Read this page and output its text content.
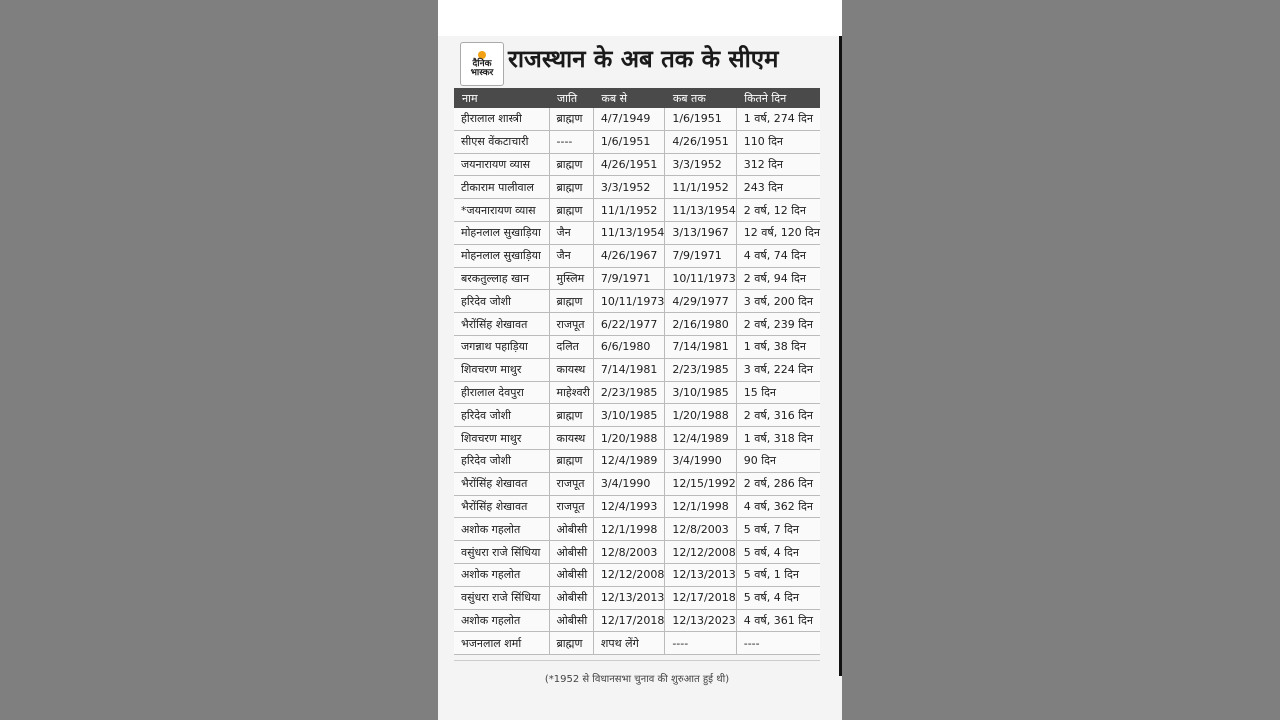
दैनिक
भास्कर राजस्थान के अब तक के सीएम
नाम	जाति	कब से	कब तक	कितने दिन
हीरालाल शास्त्री	ब्राह्मण	4/7/1949	1/6/1951	1 वर्ष, 274 दिन
सीएस वेंकटाचारी	----	1/6/1951	4/26/1951	110 दिन
जयनारायण व्यास	ब्राह्मण	4/26/1951	3/3/1952	312 दिन
टीकाराम पालीवाल	ब्राह्मण	3/3/1952	11/1/1952	243 दिन
*जयनारायण व्यास	ब्राह्मण	11/1/1952	11/13/1954	2 वर्ष, 12 दिन
मोहनलाल सुखाड़िया	जैन	11/13/1954	3/13/1967	12 वर्ष, 120 दिन
मोहनलाल सुखाड़िया	जैन	4/26/1967	7/9/1971	4 वर्ष, 74 दिन
बरकतुल्लाह खान	मुस्लिम	7/9/1971	10/11/1973	2 वर्ष, 94 दिन
हरिदेव जोशी	ब्राह्मण	10/11/1973	4/29/1977	3 वर्ष, 200 दिन
भैरोंसिंह शेखावत	राजपूत	6/22/1977	2/16/1980	2 वर्ष, 239 दिन
जगन्नाथ पहाड़िया	दलित	6/6/1980	7/14/1981	1 वर्ष, 38 दिन
शिवचरण माथुर	कायस्थ	7/14/1981	2/23/1985	3 वर्ष, 224 दिन
हीरालाल देवपुरा	माहेश्वरी	2/23/1985	3/10/1985	15 दिन
हरिदेव जोशी	ब्राह्मण	3/10/1985	1/20/1988	2 वर्ष, 316 दिन
शिवचरण माथुर	कायस्थ	1/20/1988	12/4/1989	1 वर्ष, 318 दिन
हरिदेव जोशी	ब्राह्मण	12/4/1989	3/4/1990	90 दिन
भैरोंसिंह शेखावत	राजपूत	3/4/1990	12/15/1992	2 वर्ष, 286 दिन
भैरोंसिंह शेखावत	राजपूत	12/4/1993	12/1/1998	4 वर्ष, 362 दिन
अशोक गहलोत	ओबीसी	12/1/1998	12/8/2003	5 वर्ष, 7 दिन
वसुंधरा राजे सिंधिया	ओबीसी	12/8/2003	12/12/2008	5 वर्ष, 4 दिन
अशोक गहलोत	ओबीसी	12/12/2008	12/13/2013	5 वर्ष, 1 दिन
वसुंधरा राजे सिंधिया	ओबीसी	12/13/2013	12/17/2018	5 वर्ष, 4 दिन
अशोक गहलोत	ओबीसी	12/17/2018	12/13/2023	4 वर्ष, 361 दिन
भजनलाल शर्मा	ब्राह्मण	शपथ लेंगे	----	----
(*1952 से विधानसभा चुनाव की शुरुआत हुई थी)
